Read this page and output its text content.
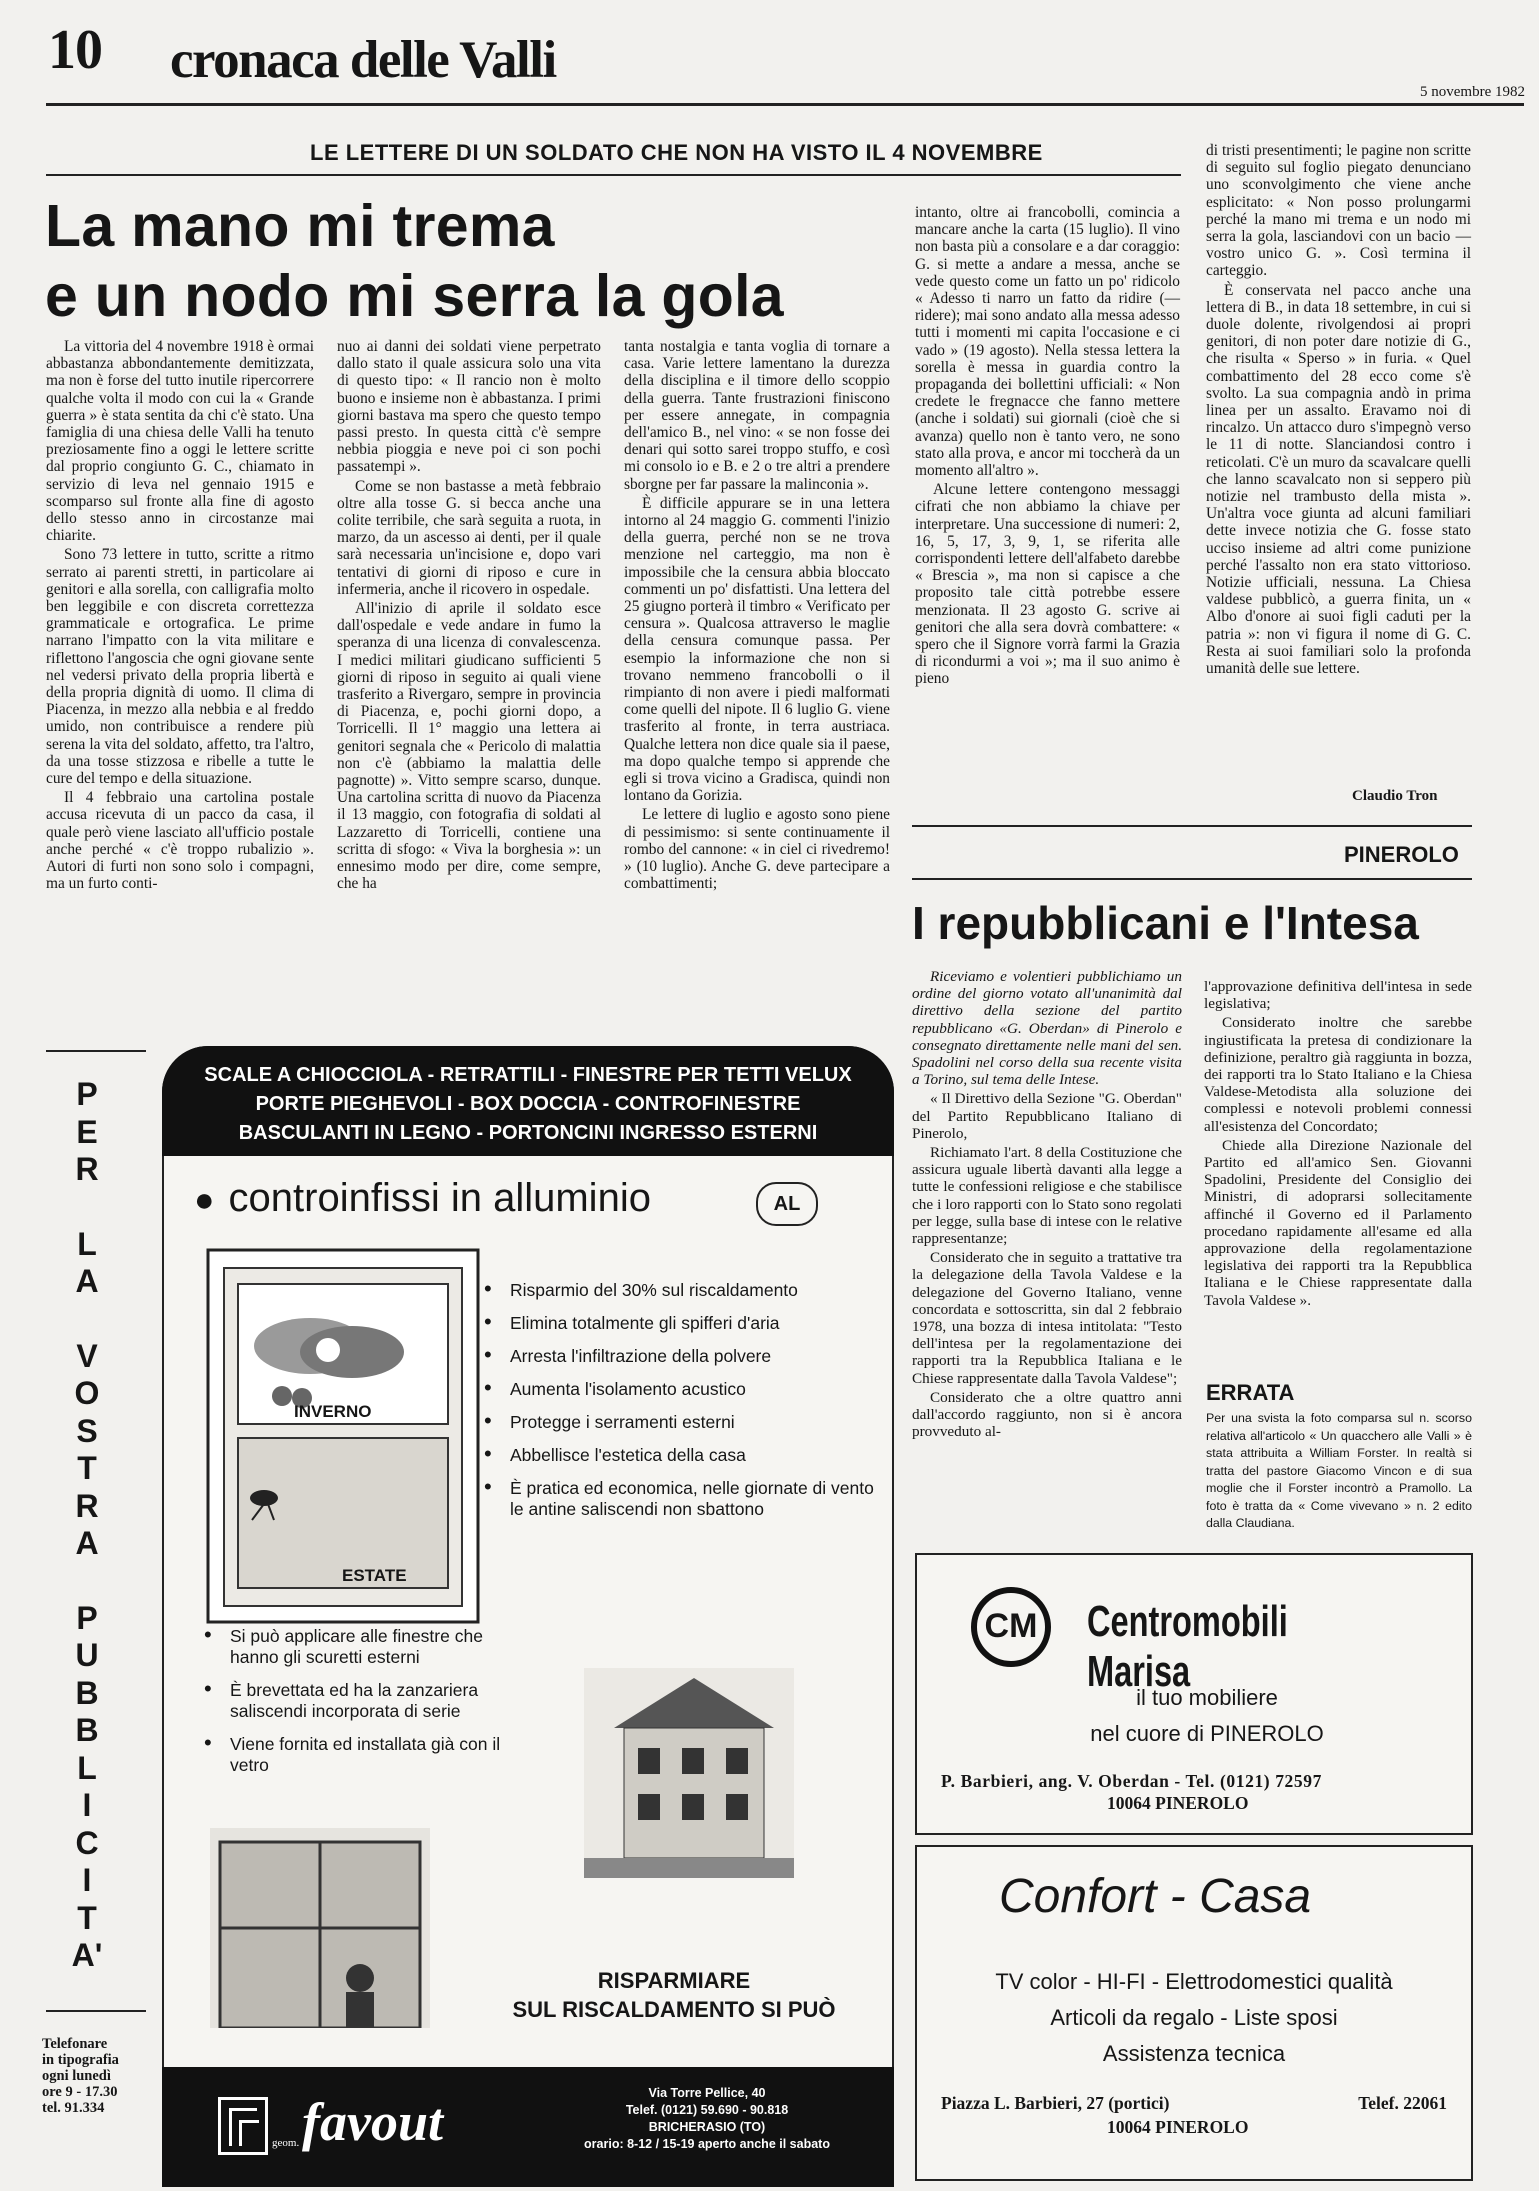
10 cronaca delle Valli
5 novembre 1982
LE LETTERE DI UN SOLDATO CHE NON HA VISTO IL 4 NOVEMBRE
La mano mi trema
e un nodo mi serra la gola

La vittoria del 4 novembre 1918 è ormai abbastanza abbondantemente demitizzata, ma non è forse del tutto inutile ripercorrere qualche volta il modo con cui la « Grande guerra » è stata sentita da chi c'è stato. Una famiglia di una chiesa delle Valli ha tenuto preziosamente fino a oggi le lettere scritte dal proprio congiunto G. C., chiamato in servizio di leva nel gennaio 1915 e scomparso sul fronte alla fine di agosto dello stesso anno in circostanze mai chiarite.

Sono 73 lettere in tutto, scritte a ritmo serrato ai parenti stretti, in particolare ai genitori e alla sorella, con calligrafia molto ben leggibile e con discreta correttezza grammaticale e ortografica. Le prime narrano l'impatto con la vita militare e riflettono l'angoscia che ogni giovane sente nel vedersi privato della propria libertà e della propria dignità di uomo. Il clima di Piacenza, in mezzo alla nebbia e al freddo umido, non contribuisce a rendere più serena la vita del soldato, affetto, tra l'altro, da una tosse stizzosa e ribelle a tutte le cure del tempo e della situazione.

Il 4 febbraio una cartolina postale accusa ricevuta di un pacco da casa, il quale però viene lasciato all'ufficio postale anche perché « c'è troppo rubalizio ». Autori di furti non sono solo i compagni, ma un furto conti-

nuo ai danni dei soldati viene perpetrato dallo stato il quale assicura solo una vita di questo tipo: « Il rancio non è molto buono e insieme non è abbastanza. I primi giorni bastava ma spero che questo tempo passi presto. In questa città c'è sempre nebbia pioggia e neve poi ci son pochi passatempi ».

Come se non bastasse a metà febbraio oltre alla tosse G. si becca anche una colite terribile, che sarà seguita a ruota, in marzo, da un ascesso ai denti, per il quale sarà necessaria un'incisione e, dopo vari tentativi di giorni di riposo e cure in infermeria, anche il ricovero in ospedale.

All'inizio di aprile il soldato esce dall'ospedale e vede andare in fumo la speranza di una licenza di convalescenza. I medici militari giudicano sufficienti 5 giorni di riposo in seguito ai quali viene trasferito a Rivergaro, sempre in provincia di Piacenza, e, pochi giorni dopo, a Torricelli. Il 1° maggio una lettera ai genitori segnala che « Pericolo di malattia non c'è (abbiamo la malattia delle pagnotte) ». Vitto sempre scarso, dunque. Una cartolina scritta di nuovo da Piacenza il 13 maggio, con fotografia di soldati al Lazzaretto di Torricelli, contiene una scritta di sfogo: « Viva la borghesia »: un ennesimo modo per dire, come sempre, che ha

tanta nostalgia e tanta voglia di tornare a casa. Varie lettere lamentano la durezza della disciplina e il timore dello scoppio della guerra. Tante frustrazioni finiscono per essere annegate, in compagnia dell'amico B., nel vino: « se non fosse dei denari qui sotto sarei troppo stuffo, e così mi consolo io e B. e 2 o tre altri a prendere sborgne per far passare la malinconia ».

È difficile appurare se in una lettera intorno al 24 maggio G. commenti l'inizio della guerra, perché non se ne trova menzione nel carteggio, ma non è impossibile che la censura abbia bloccato commenti un po' disfattisti. Una lettera del 25 giugno porterà il timbro « Verificato per censura ». Qualcosa attraverso le maglie della censura comunque passa. Per esempio la informazione che non si trovano nemmeno francobolli o il rimpianto di non avere i piedi malformati come quelli del nipote. Il 6 luglio G. viene trasferito al fronte, in terra austriaca. Qualche lettera non dice quale sia il paese, ma dopo qualche tempo si apprende che egli si trova vicino a Gradisca, quindi non lontano da Gorizia.

Le lettere di luglio e agosto sono piene di pessimismo: si sente continuamente il rombo del cannone: « in ciel ci rivedremo! » (10 luglio). Anche G. deve partecipare a combattimenti;

intanto, oltre ai francobolli, comincia a mancare anche la carta (15 luglio). Il vino non basta più a consolare e a dar coraggio: G. si mette a andare a messa, anche se vede questo come un fatto un po' ridicolo « Adesso ti narro un fatto da ridire (— ridere); mai sono andato alla messa adesso tutti i momenti mi capita l'occasione e ci vado » (19 agosto). Nella stessa lettera la sorella è messa in guardia contro la propaganda dei bollettini ufficiali: « Non credete le fregnacce che fanno mettere (anche i soldati) sui giornali (cioè che si avanza) quello non è tanto vero, ne sono stato alla prova, e ancor mi toccherà da un momento all'altro ».

Alcune lettere contengono messaggi cifrati che non abbiamo la chiave per interpretare. Una successione di numeri: 2, 16, 5, 17, 3, 9, 1, se riferita alle corrispondenti lettere dell'alfabeto darebbe « Brescia », ma non si capisce a che proposito tale città potrebbe essere menzionata. Il 23 agosto G. scrive ai genitori che alla sera dovrà combattere: « spero che il Signore vorrà farmi la Grazia di ricondurmi a voi »; ma il suo animo è pieno

di tristi presentimenti; le pagine non scritte di seguito sul foglio piegato denunciano uno sconvolgimento che viene anche esplicitato: « Non posso prolungarmi perché la mano mi trema e un nodo mi serra la gola, lasciandovi con un bacio — vostro unico G. ». Così termina il carteggio.

È conservata nel pacco anche una lettera di B., in data 18 settembre, in cui si duole dolente, rivolgendosi ai propri genitori, di non poter dare notizie di G., che risulta « Sperso » in furia. « Quel combattimento del 28 ecco come s'è svolto. La sua compagnia andò in prima linea per un assalto. Eravamo noi di rincalzo. Un attacco duro s'impegnò verso le 11 di notte. Slanciandosi contro i reticolati. C'è un muro da scavalcare quelli che lanno scavalcato non si seppero più notizie nel trambusto della mista ». Un'altra voce giunta ad alcuni familiari dette invece notizia che G. fosse stato ucciso insieme ad altri come punizione perché l'assalto non era stato vittorioso. Notizie ufficiali, nessuna. La Chiesa valdese pubblicò, a guerra finita, un « Albo d'onore ai suoi figli caduti per la patria »: non vi figura il nome di G. C. Resta ai suoi familiari solo la profonda umanità delle sue lettere.

Claudio Tron
PINEROLO
I repubblicani e l'Intesa

Riceviamo e volentieri pubblichiamo un ordine del giorno votato all'unanimità dal direttivo della sezione del partito repubblicano «G. Oberdan» di Pinerolo e consegnato direttamente nelle mani del sen. Spadolini nel corso della sua recente visita a Torino, sul tema delle Intese.

« Il Direttivo della Sezione "G. Oberdan" del Partito Repubblicano Italiano di Pinerolo,

Richiamato l'art. 8 della Costituzione che assicura uguale libertà davanti alla legge a tutte le confessioni religiose e che stabilisce che i loro rapporti con lo Stato sono regolati per legge, sulla base di intese con le relative rappresentanze;

Considerato che in seguito a trattative tra la delegazione della Tavola Valdese e la delegazione del Governo Italiano, venne concordata e sottoscritta, sin dal 2 febbraio 1978, una bozza di intesa intitolata: "Testo dell'intesa per la regolamentazione dei rapporti tra la Repubblica Italiana e le Chiese rappresentate dalla Tavola Valdese";

Considerato che a oltre quattro anni dall'accordo raggiunto, non si è ancora provveduto al-

l'approvazione definitiva dell'intesa in sede legislativa;

Considerato inoltre che sarebbe ingiustificata la pretesa di condizionare la definizione, peraltro già raggiunta in bozza, dei rapporti tra lo Stato Italiano e la Chiesa Valdese-Metodista alla soluzione dei complessi e notevoli problemi connessi all'esistenza del Concordato;

Chiede alla Direzione Nazionale del Partito ed all'amico Sen. Giovanni Spadolini, Presidente del Consiglio dei Ministri, di adoprarsi sollecitamente affinché il Governo ed il Parlamento procedano rapidamente all'esame ed alla approvazione della regolamentazione legislativa dei rapporti tra la Repubblica Italiana e le Chiese rappresentate dalla Tavola Valdese ».

ERRATA
Per una svista la foto comparsa sul n. scorso relativa all'articolo « Un quacchero alle Valli » è stata attribuita a William Forster. In realtà si tratta del pastore Giacomo Vincon e di sua moglie che il Forster incontrò a Pramollo. La foto è tratta da « Come vivevano » n. 2 edito dalla Claudiana.
P
E
R
L
A
V
O
S
T
R
A
P
U
B
B
L
I
C
I
T
A'
Telefonare
in tipografia
ogni lunedì
ore 9 - 17.30
tel. 91.334
SCALE A CHIOCCIOLA - RETRATTILI - FINESTRE PER TETTI VELUX
PORTE PIEGHEVOLI - BOX DOCCIA - CONTROFINESTRE
BASCULANTI IN LEGNO - PORTONCINI INGRESSO ESTERNI
● controinfissi in alluminio	AL
INVERNO
ESTATE
• Risparmio del 30% sul riscaldamento
• Elimina totalmente gli spifferi d'aria
• Arresta l'infiltrazione della polvere
• Aumenta l'isolamento acustico
• Protegge i serramenti esterni
• Abbellisce l'estetica della casa
• È pratica ed economica, nelle giornate di vento le antine saliscendi non sbattono
• Si può applicare alle finestre che hanno gli scuretti esterni
• È brevettata ed ha la zanzariera saliscendi incorporata di serie
• Viene fornita ed installata già con il vetro
RISPARMIARE
SUL RISCALDAMENTO SI PUÒ
geom. favout	Via Torre Pellice, 40
Telef. (0121) 59.690 - 90.818
BRICHERASIO (TO)
orario: 8-12 / 15-19 aperto anche il sabato
CM	Centromobili Marisa
il tuo mobiliere
nel cuore di PINEROLO
P. Barbieri, ang. V. Oberdan - Tel. (0121) 72597
10064 PINEROLO
Confort - Casa
TV color - HI-FI - Elettrodomestici qualità
Articoli da regalo - Liste sposi
Assistenza tecnica
Piazza L. Barbieri, 27 (portici)	Telef. 22061
10064 PINEROLO
